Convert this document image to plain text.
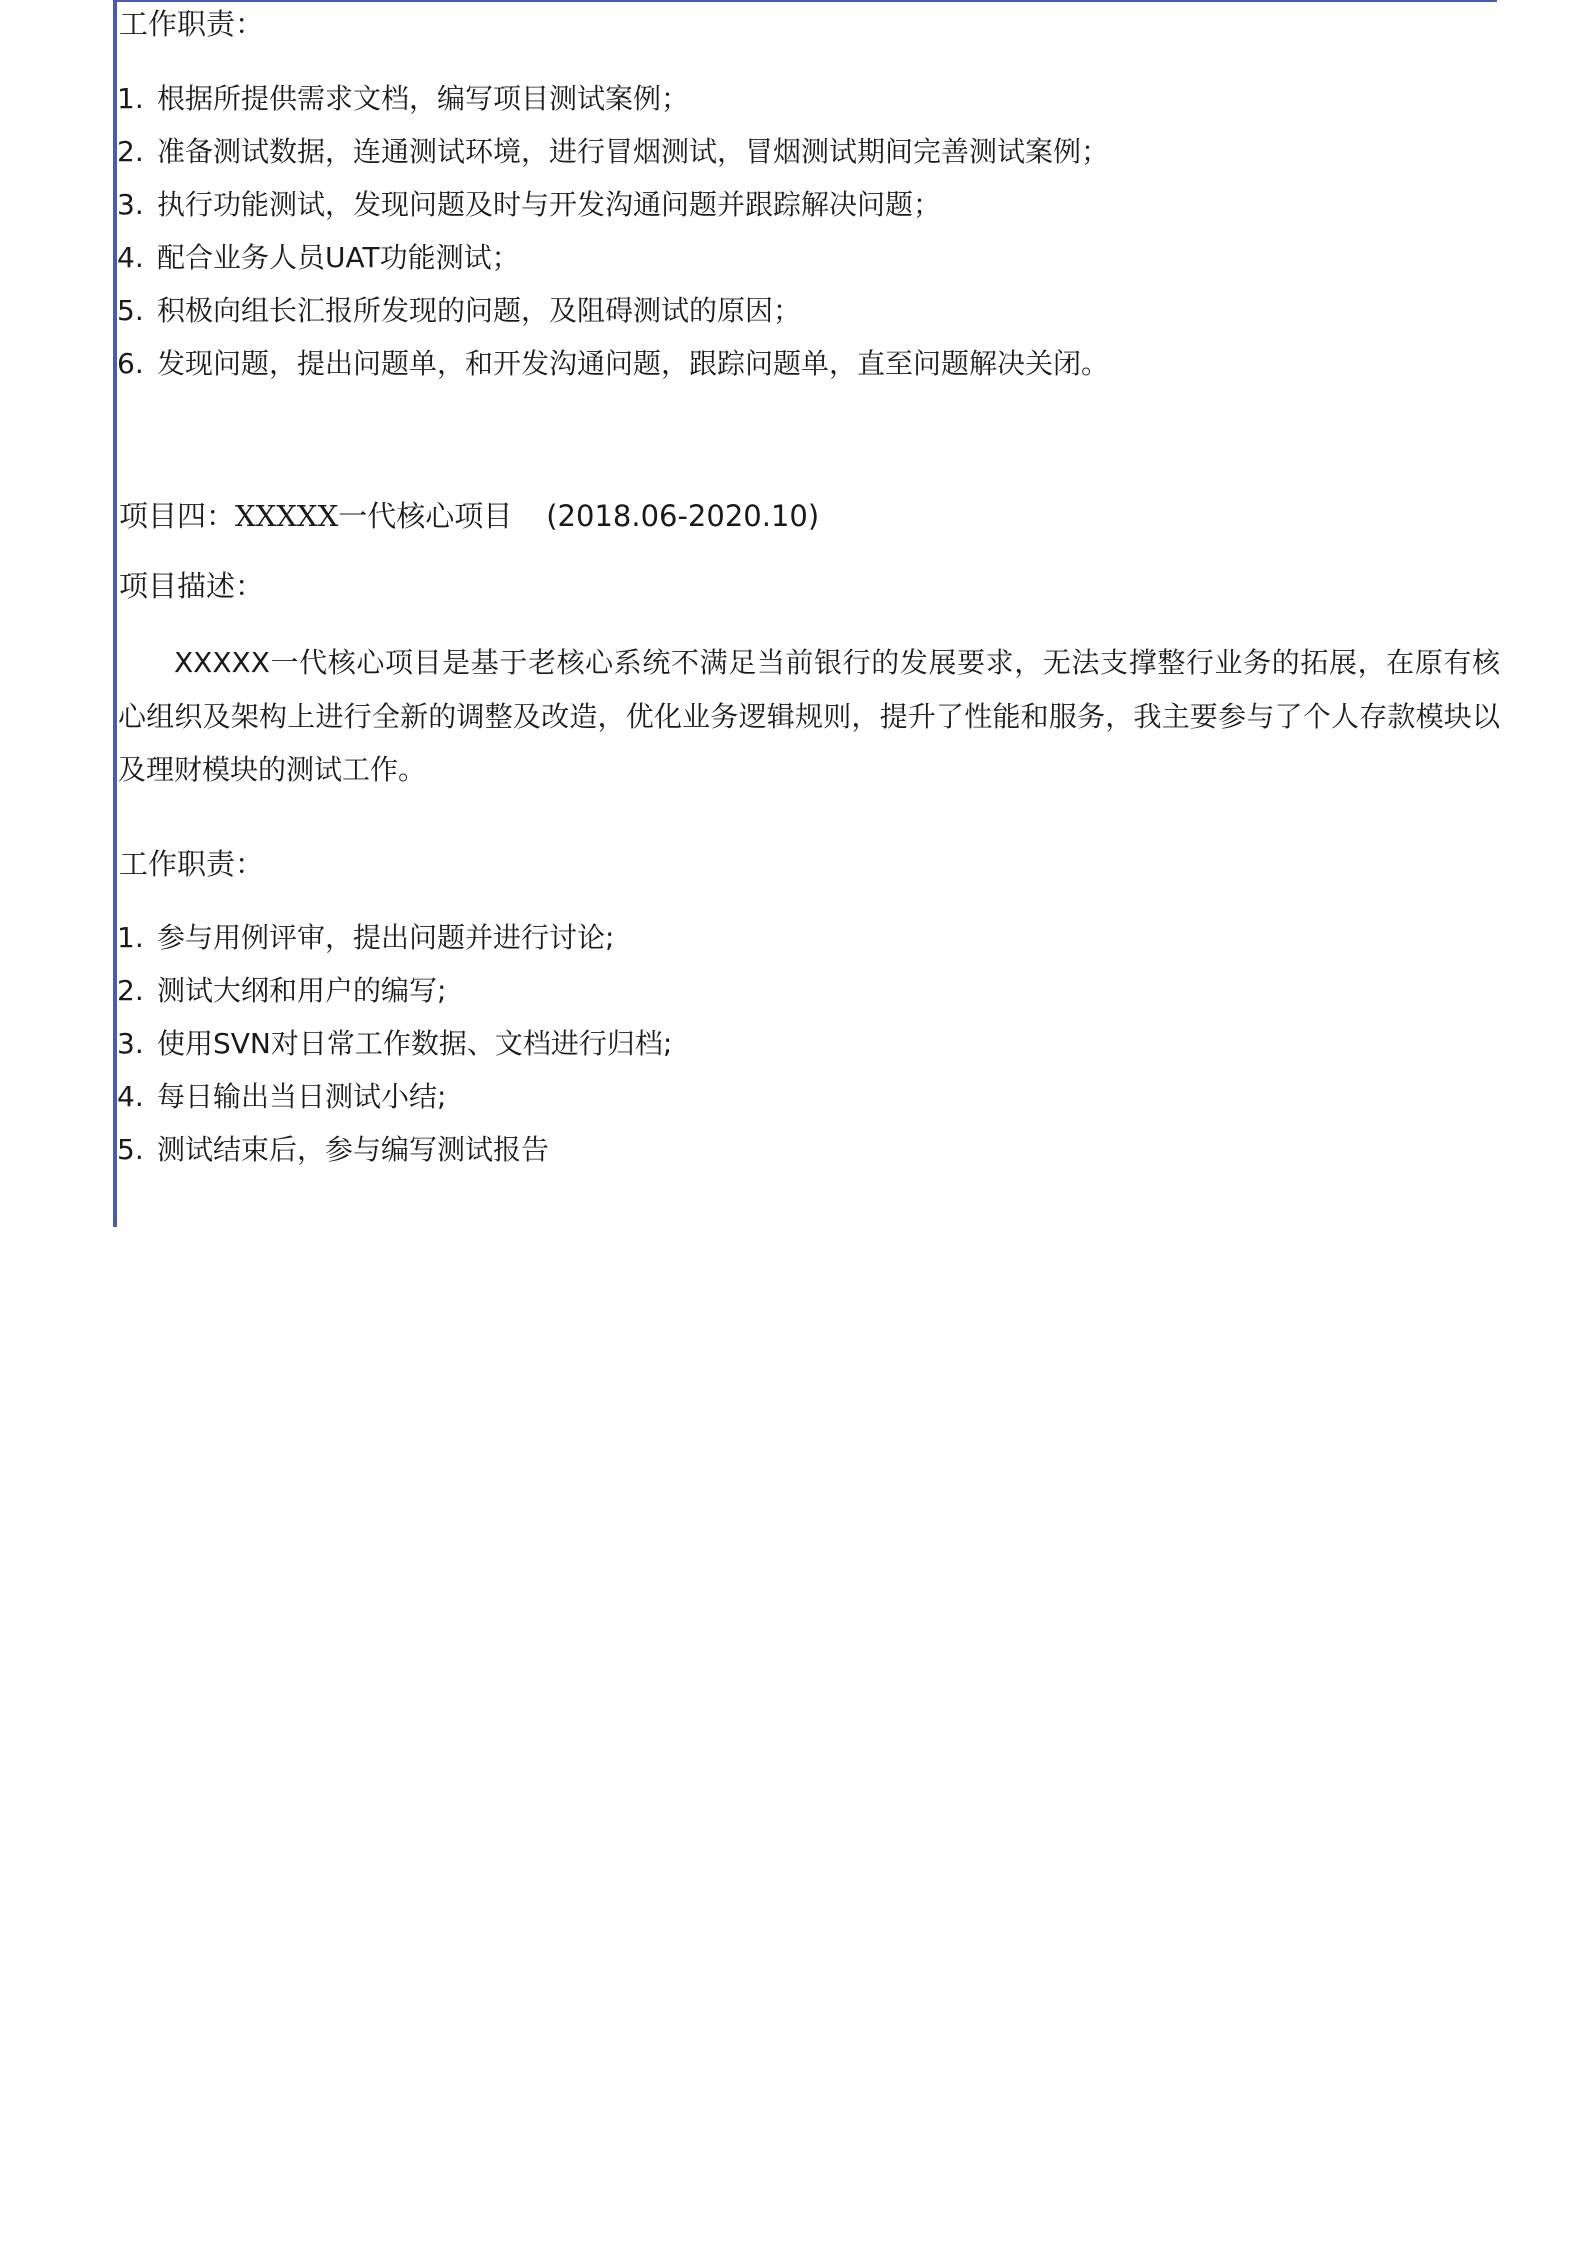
工作职责：
1. 根据所提供需求文档，编写项目测试案例；
2. 准备测试数据，连通测试环境，进行冒烟测试，冒烟测试期间完善测试案例；
3. 执行功能测试，发现问题及时与开发沟通问题并跟踪解决问题；
4. 配合业务人员UAT功能测试；
5. 积极向组长汇报所发现的问题，及阻碍测试的原因；
6. 发现问题，提出问题单，和开发沟通问题，跟踪问题单，直至问题解决关闭。
项目四：XXXXX一代核心项目 (2018.06-2020.10)
项目描述：
XXXXX一代核心项目是基于老核心系统不满足当前银行的发展要求，无法支撑整行业务的拓展，在原有核心组织及架构上进行全新的调整及改造，优化业务逻辑规则，提升了性能和服务，我主要参与了个人存款模块以及理财模块的测试工作。
工作职责：
1. 参与用例评审，提出问题并进行讨论;
2. 测试大纲和用户的编写;
3. 使用SVN对日常工作数据、文档进行归档;
4. 每日输出当日测试小结;
5. 测试结束后，参与编写测试报告
